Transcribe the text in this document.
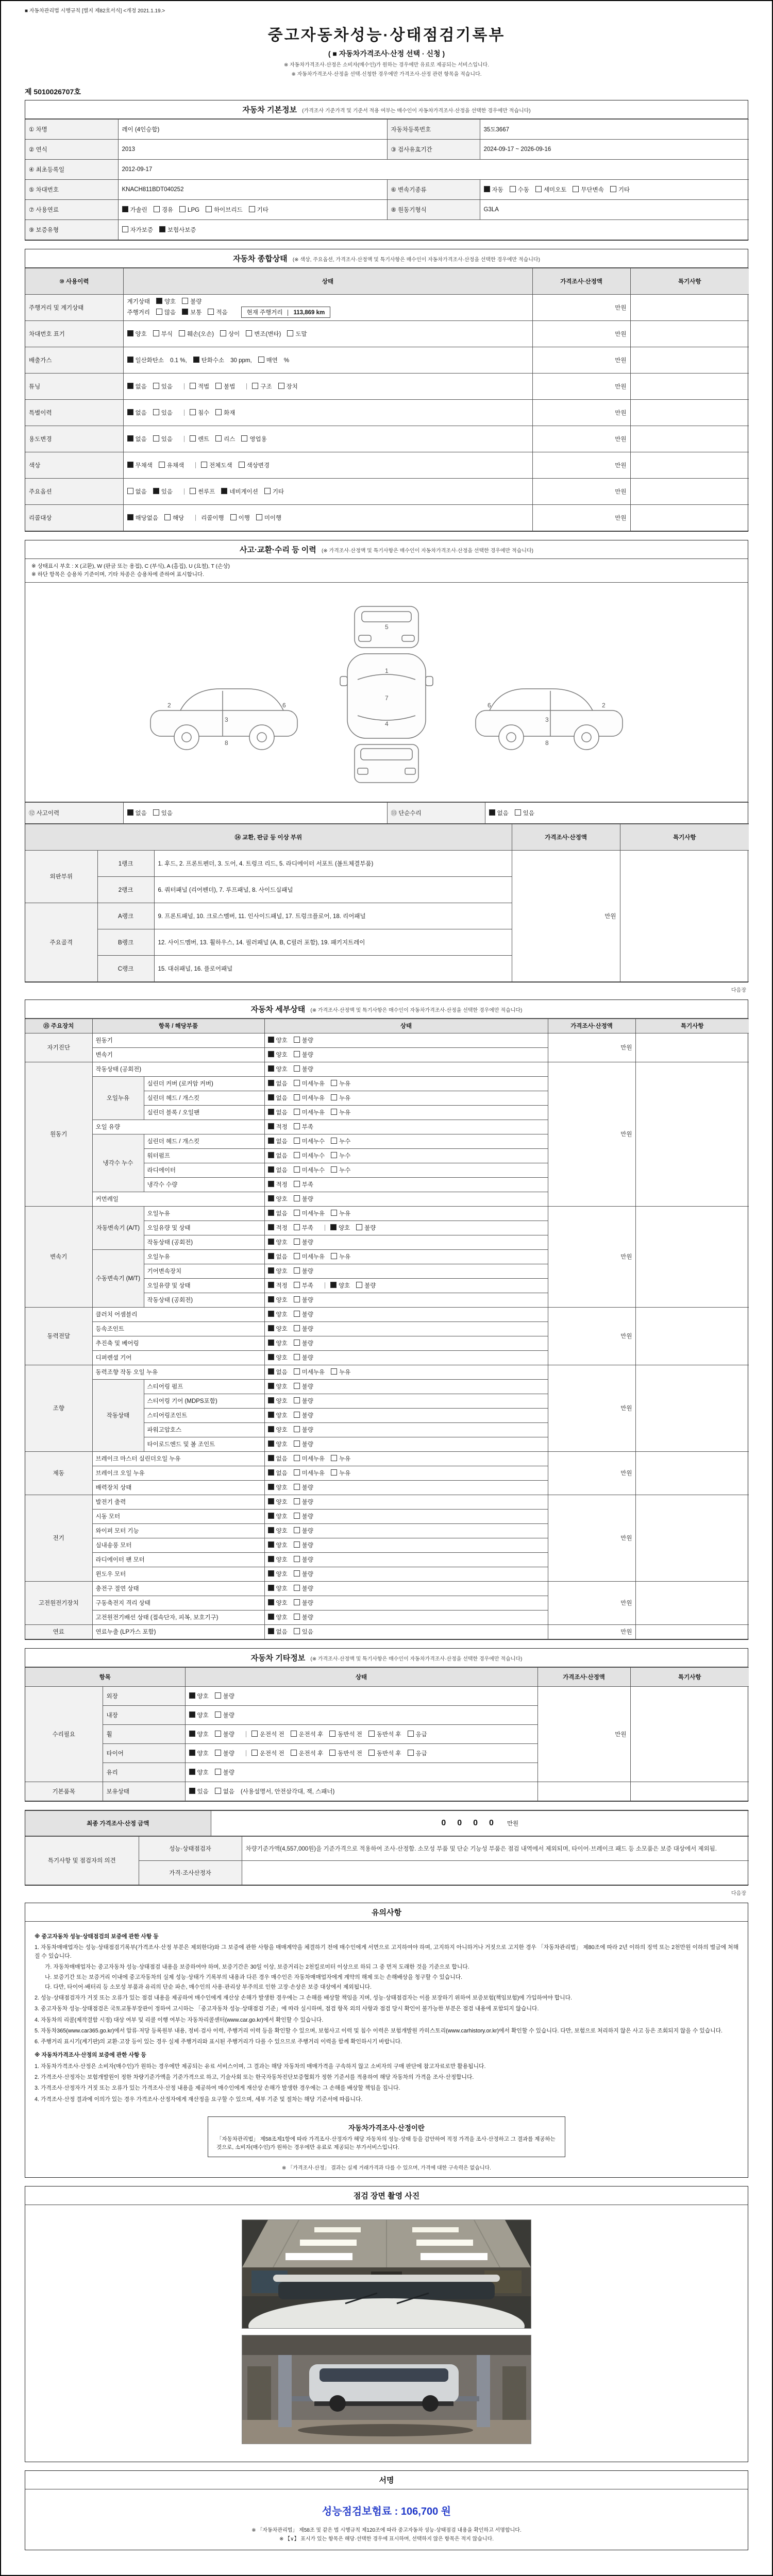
■ 자동차관리법 시행규칙 [별지 제82호서식] <개정 2021.1.19.>
중고자동차성능·상태점검기록부
( ■ 자동차가격조사·산정 선택 · 신청 )
※ 자동차가격조사·산정은 소비자(매수인)가 원하는 경우에만 유료로 제공되는 서비스입니다.
※ 자동차가격조사·산정을 선택·신청한 경우에만 가격조사·산정 관련 항목을 적습니다.
제 5010026707호
자동차 기본정보 (가격조사 기준가격 및 기준서 적용 여부는 매수인이 자동차가격조사·산정을 선택한 경우에만 적습니다)
① 차명	레이 (4인승합)	자동차등록번호	35도3667
② 연식	2013	③ 검사유효기간	2024-09-17 ~ 2026-09-16
④ 최초등록일	2012-09-17		
⑤ 차대번호	KNACH811BDT040252	⑥ 변속기종류	자동 수동 세미오토 무단변속 기타
⑦ 사용연료	가솔린 경유 LPG 하이브리드 기타	⑧ 원동기형식	G3LA
⑨ 보증유형	자가보증 보험사보증		
자동차 종합상태 (※ 색상, 주요옵션, 가격조사·산정액 및 특기사항은 매수인이 자동차가격조사·산정을 선택한 경우에만 적습니다)
⑩ 사용이력	상태	가격조사·산정액	특기사항
주행거리 및 계기상태	계기상태 양호 불량
주행거리 많음 보통 적음 현재 주행거리 113,869 km	만원	
차대번호 표기	양호 부식 훼손(오손) 상이 변조(변타) 도말	만원	
배출가스	일산화탄소 0.1 %, 탄화수소 30 ppm, 매연 %	만원	
튜닝	없음 있음 적법 불법 구조 장치	만원	
특별이력	없음 있음 침수 화재	만원	
용도변경	없음 있음 렌트 리스 영업용	만원	
색상	무채색 유채색 전체도색 색상변경	만원	
주요옵션	없음 있음 썬루프 네비게이션 기타	만원	
리콜대상	해당없음 해당 리콜이행 이행 미이행	만원	
사고·교환·수리 등 이력 (※ 가격조사·산정액 및 특기사항은 매수인이 자동차가격조사·산정을 선택한 경우에만 적습니다)
※ 상태표시 부호 : X (교환), W (판금 또는 용접), C (부식), A (흠집), U (요철), T (손상)
※ 하단 항목은 승용차 기준이며, 기타 차종은 승용차에 준하여 표시합니다.
5
1
7
4
2
3
6
8
2
3
6
8
⑫ 사고이력	없음 있음	⑬ 단순수리	없음 있음
⑭ 교환, 판금 등 이상 부위			가격조사·산정액	특기사항
외판부위	1랭크	1. 후드, 2. 프론트펜더, 3. 도어, 4. 트렁크 리드, 5. 라디에이터 서포트 (볼트체결부품)	만원	
	2랭크	6. 쿼터패널 (리어펜더), 7. 루프패널, 8. 사이드실패널		
주요골격	A랭크	9. 프론트패널, 10. 크로스멤버, 11. 인사이드패널, 17. 트렁크플로어, 18. 리어패널		
	B랭크	12. 사이드멤버, 13. 휠하우스, 14. 필러패널 (A, B, C필러 포함), 19. 패키지트레이		
	C랭크	15. 대쉬패널, 16. 플로어패널		
다음장
자동차 세부상태 (※ 가격조사·산정액 및 특기사항은 매수인이 자동차가격조사·산정을 선택한 경우에만 적습니다)
⑮ 주요장치	항목 / 해당부품		상태	가격조사·산정액	특기사항
자기진단	원동기		양호 불량	만원	
	변속기		양호 불량		
원동기	작동상태 (공회전)		양호 불량	만원	
	오일누유	실린더 커버 (로커암 커버)	없음 미세누유 누유		
		실린더 헤드 / 개스킷	없음 미세누유 누유		
		실린더 블록 / 오일팬	없음 미세누유 누유		
	오일 유량		적정 부족		
	냉각수 누수	실린더 헤드 / 개스킷	없음 미세누수 누수		
		워터펌프	없음 미세누수 누수		
		라디에이터	없음 미세누수 누수		
		냉각수 수량	적정 부족		
	커먼레일		양호 불량		
변속기	자동변속기 (A/T)	오일누유	없음 미세누유 누유	만원	
		오일유량 및 상태	적정 부족 양호 불량		
		작동상태 (공회전)	양호 불량		
	수동변속기 (M/T)	오일누유	없음 미세누유 누유		
		기어변속장치	양호 불량		
		오일유량 및 상태	적정 부족 양호 불량		
		작동상태 (공회전)	양호 불량		
동력전달	클러치 어셈블리		양호 불량	만원	
	등속조인트		양호 불량		
	추진축 및 베어링		양호 불량		
	디퍼렌셜 기어		양호 불량		
조향	동력조향 작동 오일 누유		없음 미세누유 누유	만원	
	작동상태	스티어링 펌프	양호 불량		
		스티어링 기어 (MDPS포함)	양호 불량		
		스티어링조인트	양호 불량		
		파워고압호스	양호 불량		
		타이로드엔드 및 볼 조인트	양호 불량		
제동	브레이크 마스터 실린더오일 누유		없음 미세누유 누유	만원	
	브레이크 오일 누유		없음 미세누유 누유		
	배력장치 상태		양호 불량		
전기	발전기 출력		양호 불량	만원	
	시동 모터		양호 불량		
	와이퍼 모터 기능		양호 불량		
	실내송풍 모터		양호 불량		
	라디에이터 팬 모터		양호 불량		
	윈도우 모터		양호 불량		
고전원전기장치	충전구 절연 상태		양호 불량	만원	
	구동축전지 격리 상태		양호 불량		
	고전원전기배선 상태 (접속단자, 피복, 보호기구)		양호 불량		
연료	연료누출 (LP가스 포함)		없음 있음	만원	
자동차 기타정보 (※ 가격조사·산정액 및 특기사항은 매수인이 자동차가격조사·산정을 선택한 경우에만 적습니다)
항목		상태	가격조사·산정액	특기사항
수리필요	외장	양호 불량	만원	
	내장	양호 불량		
	휠	양호 불량 운전석 전 운전석 후 동반석 전 동반석 후 응급		
	타이어	양호 불량 운전석 전 운전석 후 동반석 전 동반석 후 응급		
	유리	양호 불량		
기본품목	보유상태	있음 없음 (사용설명서, 안전삼각대, 잭, 스패너)		
최종 가격조사·산정 금액	0000 만원
특기사항 및 점검자의 의견	성능·상태점검자	차량기준가액(4,557,000원)을 기준가격으로 적용하여 조사·산정함. 소모성 부품 및 단순 기능성 부품은 점검 내역에서 제외되며, 타이어·브레이크 패드 등 소모품은 보증 대상에서 제외됨.
	가격·조사산정자	
다음장
유의사항
※ 중고자동차 성능·상태점검의 보증에 관한 사항 등
1. 자동차매매업자는 성능·상태점검기록부(가격조사·산정 부분은 제외한다)와 그 보증에 관한 사항을 매매계약을 체결하기 전에 매수인에게 서면으로 고지하여야 하며, 고지하지 아니하거나 거짓으로 고지한 경우 「자동차관리법」 제80조에 따라 2년 이하의 징역 또는 2천만원 이하의 벌금에 처해질 수 있습니다.
가. 자동차매매업자는 중고자동차 성능·상태점검 내용을 보증하여야 하며, 보증기간은 30일 이상, 보증거리는 2천킬로미터 이상으로 하되 그 중 먼저 도래한 것을 기준으로 합니다.
나. 보증기간 또는 보증거리 이내에 중고자동차의 실제 성능·상태가 기록부의 내용과 다른 경우 매수인은 자동차매매업자에게 계약의 해제 또는 손해배상을 청구할 수 있습니다.
다. 다만, 타이어·배터리 등 소모성 부품과 유리의 단순 파손, 매수인의 사용·관리상 부주의로 인한 고장·손상은 보증 대상에서 제외됩니다.
2. 성능·상태점검자가 거짓 또는 오류가 있는 점검 내용을 제공하여 매수인에게 재산상 손해가 발생한 경우에는 그 손해를 배상할 책임을 지며, 성능·상태점검자는 이를 보장하기 위하여 보증보험(책임보험)에 가입하여야 합니다.
3. 중고자동차 성능·상태점검은 국토교통부장관이 정하여 고시하는 「중고자동차 성능·상태점검 기준」에 따라 실시하며, 점검 항목 외의 사항과 점검 당시 확인이 불가능한 부분은 점검 내용에 포함되지 않습니다.
4. 자동차의 리콜(제작결함 시정) 대상 여부 및 리콜 이행 여부는 자동차리콜센터(www.car.go.kr)에서 확인할 수 있습니다.
5. 자동차365(www.car365.go.kr)에서 압류·저당 등록원부 내용, 정비·검사 이력, 주행거리 이력 등을 확인할 수 있으며, 보험사고 이력 및 침수 이력은 보험개발원 카히스토리(www.carhistory.or.kr)에서 확인할 수 있습니다. 다만, 보험으로 처리하지 않은 사고 등은 조회되지 않을 수 있습니다.
6. 주행거리 표시기(계기판)의 교환·고장 등이 있는 경우 실제 주행거리와 표시된 주행거리가 다를 수 있으므로 주행거리 이력을 함께 확인하시기 바랍니다.
※ 자동차가격조사·산정의 보증에 관한 사항 등
1. 자동차가격조사·산정은 소비자(매수인)가 원하는 경우에만 제공되는 유료 서비스이며, 그 결과는 해당 자동차의 매매가격을 구속하지 않고 소비자의 구매 판단에 참고자료로만 활용됩니다.
2. 가격조사·산정자는 보험개발원이 정한 차량기준가액을 기준가격으로 하고, 기술사회 또는 한국자동차진단보증협회가 정한 기준서를 적용하여 해당 자동차의 가격을 조사·산정합니다.
3. 가격조사·산정자가 거짓 또는 오류가 있는 가격조사·산정 내용을 제공하여 매수인에게 재산상 손해가 발생한 경우에는 그 손해를 배상할 책임을 집니다.
4. 가격조사·산정 결과에 이의가 있는 경우 가격조사·산정자에게 재산정을 요구할 수 있으며, 세부 기준 및 절차는 해당 기준서에 따릅니다.
자동차가격조사·산정이란
「자동차관리법」 제58조제1항에 따라 가격조사·산정자가 해당 자동차의 성능·상태 등을 감안하여 적정 가격을 조사·산정하고 그 결과를 제공하는 것으로, 소비자(매수인)가 원하는 경우에만 유료로 제공되는 부가서비스입니다.
※ 「가격조사·산정」 결과는 실제 거래가격과 다를 수 있으며, 가격에 대한 구속력은 없습니다.
점검 장면 촬영 사진
서명
성능점검보험료 : 106,700 원
※ 「자동차관리법」 제58조 및 같은 법 시행규칙 제120조에 따라 중고자동차 성능·상태점검 내용을 확인하고 서명합니다.
※ 【∨】 표시가 있는 항목은 해당·선택한 경우에 표시하며, 선택하지 않은 항목은 적지 않습니다.
